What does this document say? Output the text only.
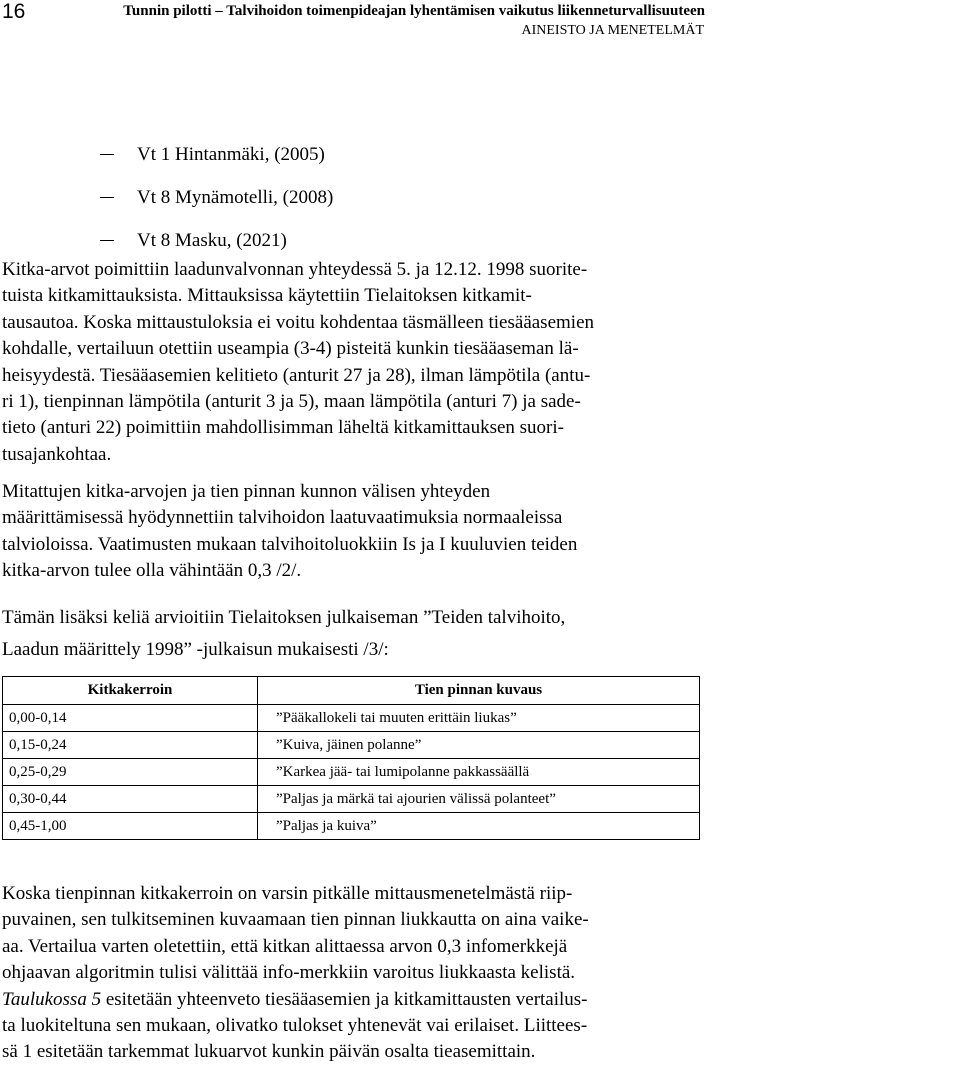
16	Tunnin pilotti – Talvihoidon toimenpideajan lyhentämisen vaikutus liikenneturvallisuuteen
AINEISTO JA MENETELMÄT
Vt 1 Hintanmäki, (2005)
Vt 8 Mynämotelli, (2008)
Vt 8 Masku, (2021)

Kitka-arvot poimittiin laadunvalvonnan yhteydessä 5. ja 12.12. 1998 suorite-

tuista kitkamittauksista. Mittauksissa käytettiin Tielaitoksen kitkamit-

tausautoa. Koska mittaustuloksia ei voitu kohdentaa täsmälleen tiesääasemien

kohdalle, vertailuun otettiin useampia (3-4) pisteitä kunkin tiesääaseman lä-

heisyydestä. Tiesääasemien kelitieto (anturit 27 ja 28), ilman lämpötila (antu-

ri 1), tienpinnan lämpötila (anturit 3 ja 5), maan lämpötila (anturi 7) ja sade-

tieto (anturi 22) poimittiin mahdollisimman läheltä kitkamittauksen suori-

tusajankohtaa.

Mitattujen kitka-arvojen ja tien pinnan kunnon välisen yhteyden

määrittämisessä hyödynnettiin talvihoidon laatuvaatimuksia normaaleissa

talvioloissa. Vaatimusten mukaan talvihoitoluokkiin Is ja I kuuluvien teiden

kitka-arvon tulee olla vähintään 0,3 /2/.

Tämän lisäksi keliä arvioitiin Tielaitoksen julkaiseman ”Teiden talvihoito,

Laadun määrittely 1998” -julkaisun mukaisesti /3/:

Kitkakerroin	Tien pinnan kuvaus
0,00-0,14	”Pääkallokeli tai muuten erittäin liukas”
0,15-0,24	”Kuiva, jäinen polanne”
0,25-0,29	”Karkea jää- tai lumipolanne pakkassäällä
0,30-0,44	”Paljas ja märkä tai ajourien välissä polanteet”
0,45-1,00	”Paljas ja kuiva”

Koska tienpinnan kitkakerroin on varsin pitkälle mittausmenetelmästä riip-

puvainen, sen tulkitseminen kuvaamaan tien pinnan liukkautta on aina vaike-

aa. Vertailua varten oletettiin, että kitkan alittaessa arvon 0,3 infomerkkejä

ohjaavan algoritmin tulisi välittää info-merkkiin varoitus liukkaasta kelistä.

Taulukossa 5 esitetään yhteenveto tiesääasemien ja kitkamittausten vertailus-

ta luokiteltuna sen mukaan, olivatko tulokset yhtenevät vai erilaiset. Liittees-

sä 1 esitetään tarkemmat lukuarvot kunkin päivän osalta tieasemittain.
